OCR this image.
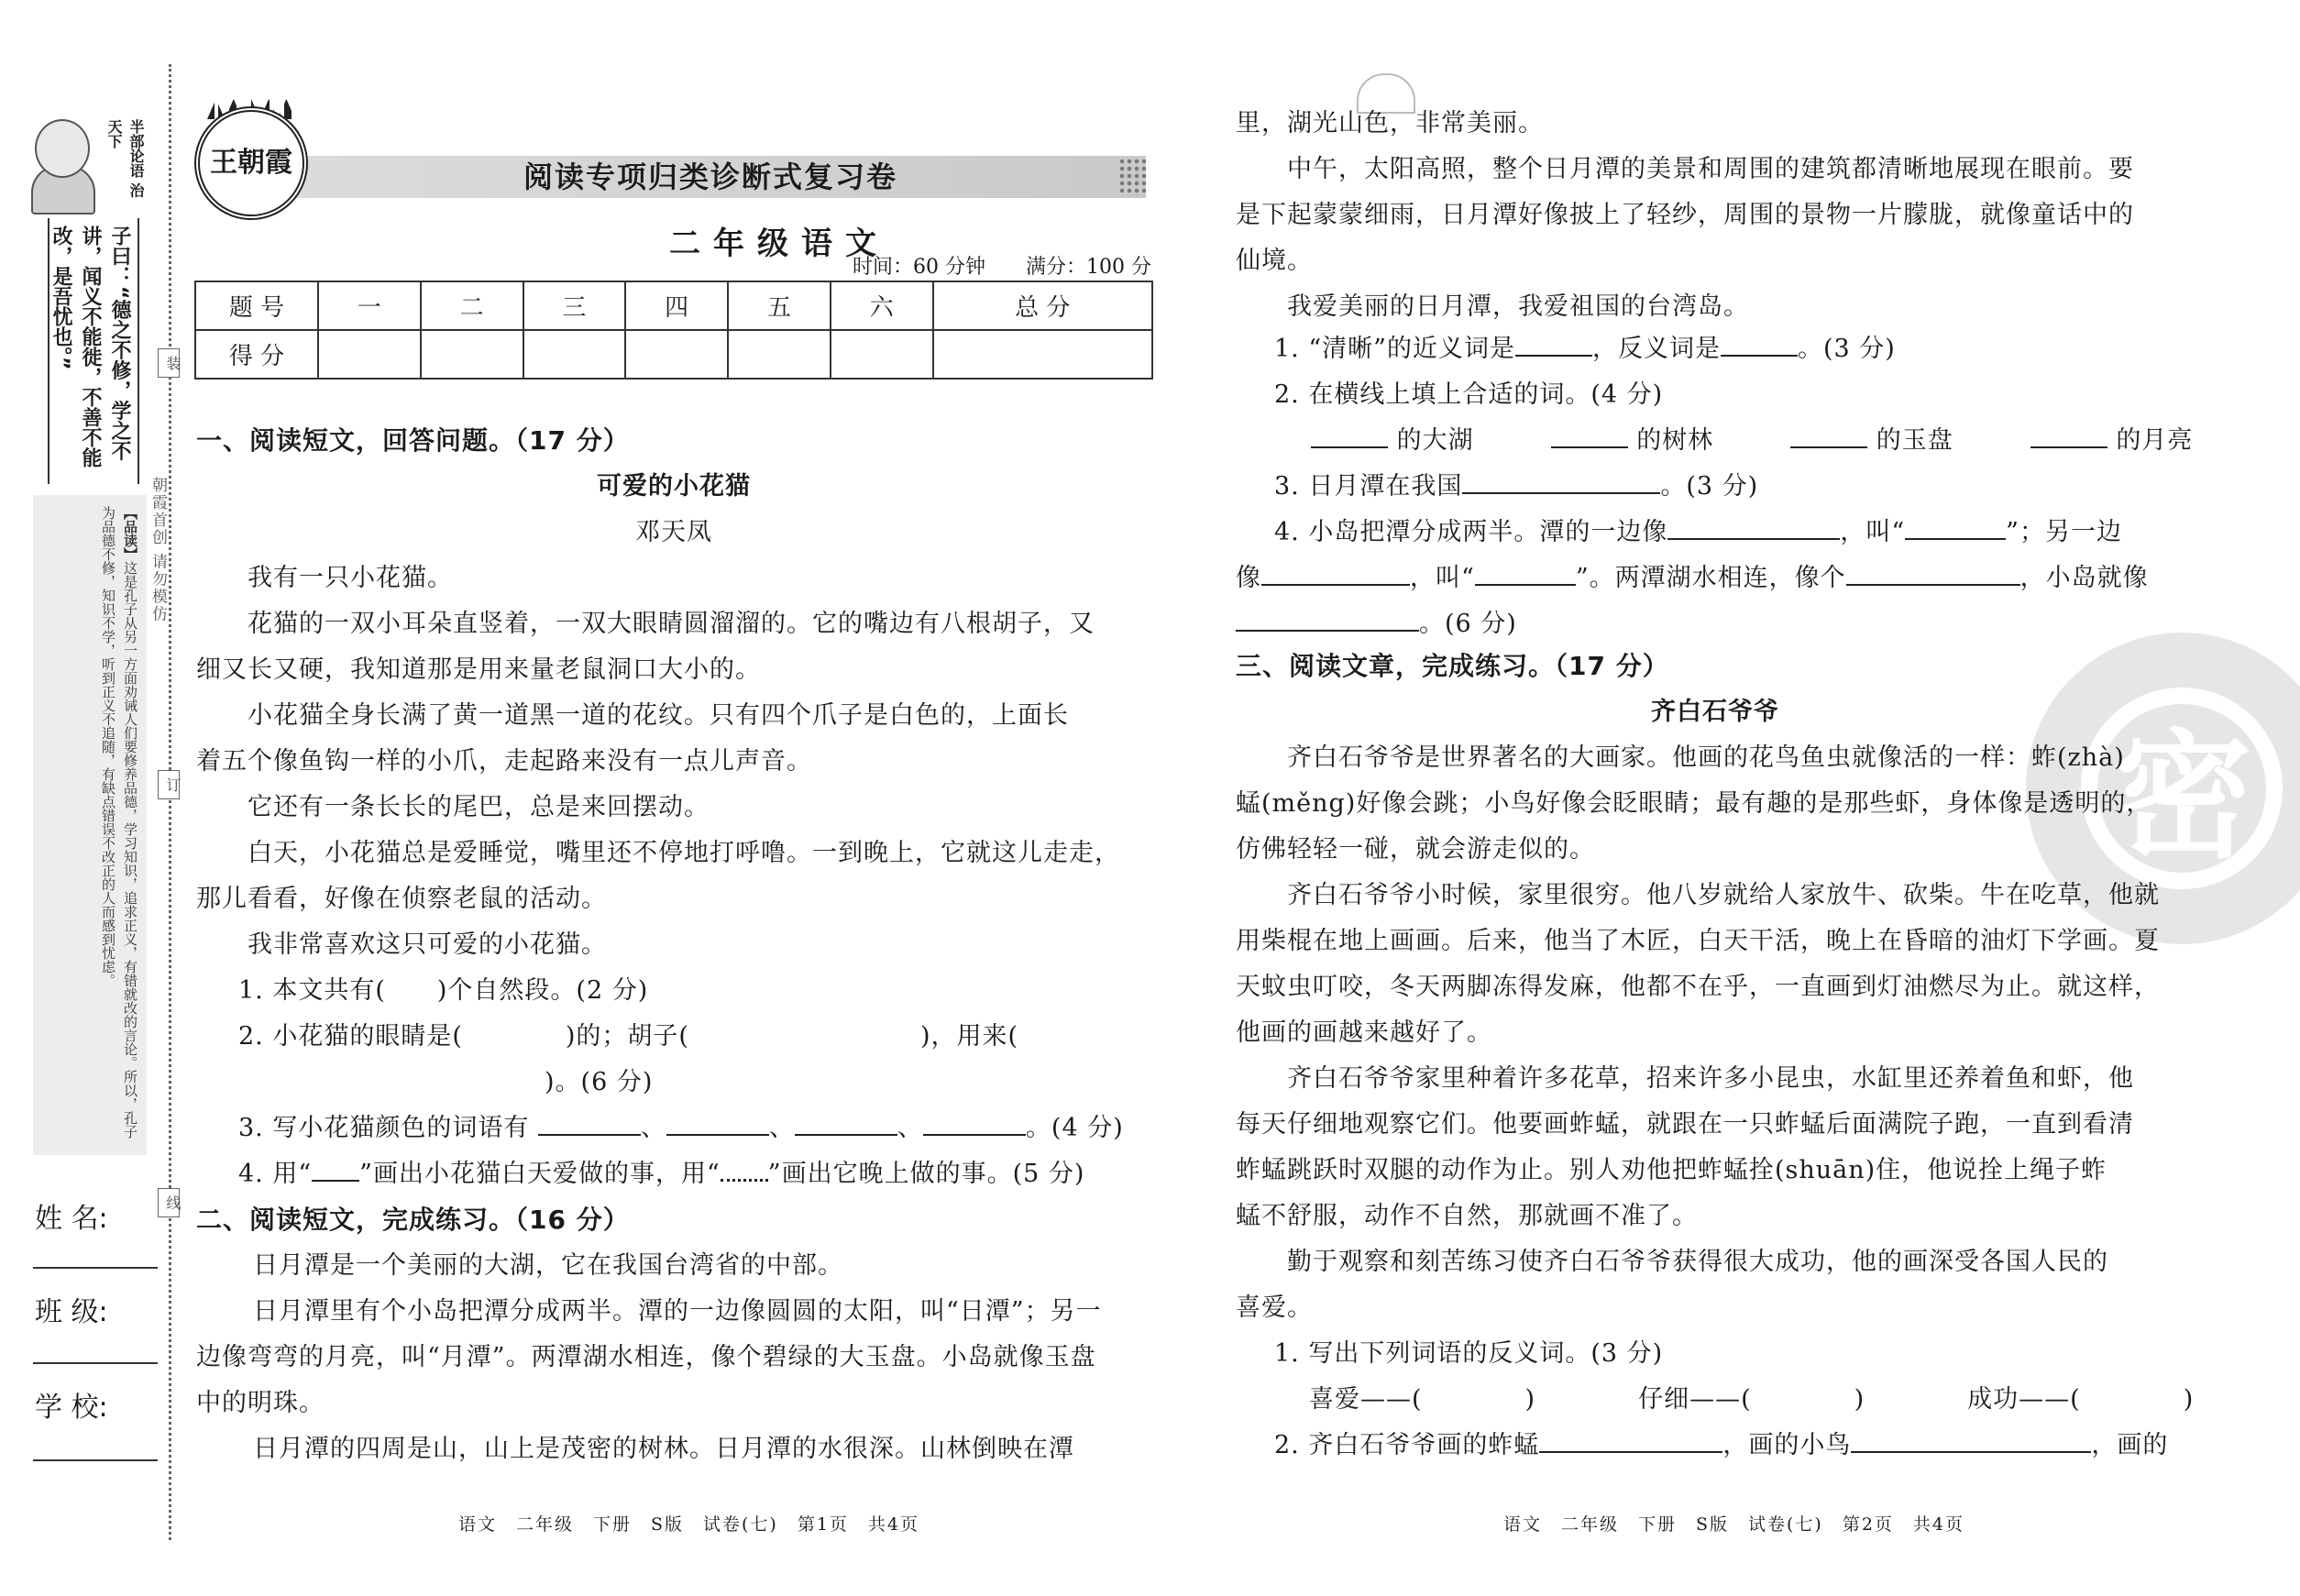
半部论语 治天下
子曰：“德之不修，学之不讲，闻义不能徙，不善不能改，是吾忧也。”
【品读】这是孔子从另一方面劝诫人们要修养品德，学习知识，追求正义，有错就改的言论。所以，孔子为品德不修，知识不学，听到正义不追随，有缺点错误不改正的人而感到忧虑。
姓 名:
班 级:
学 校:
装
订
线
朝霞首创 请勿模仿
阅读专项归类诊断式复习卷
王朝霞
二年级语文
时间：60 分钟　　 满分：100 分
题 号	一	二	三	四	五	六	总 分
得 分							
一、阅读短文，回答问题。（17 分）
可爱的小花猫
邓天凤
我有一只小花猫。
花猫的一双小耳朵直竖着，一双大眼睛圆溜溜的。它的嘴边有八根胡子，又
细又长又硬，我知道那是用来量老鼠洞口大小的。
小花猫全身长满了黄一道黑一道的花纹。只有四个爪子是白色的，上面长
着五个像鱼钩一样的小爪，走起路来没有一点儿声音。
它还有一条长长的尾巴，总是来回摆动。
白天，小花猫总是爱睡觉，嘴里还不停地打呼噜。一到晚上，它就这儿走走，
那儿看看，好像在侦察老鼠的活动。
我非常喜欢这只可爱的小花猫。
1. 本文共有(　　)个自然段。(2 分)
2. 小花猫的眼睛是(　　　　)的；胡子(　　　　　　　　　)，用来(
)。(6 分)
3. 写小花猫颜色的词语有	、	、	、	。(4 分)
4. 用“ ”画出小花猫白天爱做的事，用“ ”画出它晚上做的事。(5 分)
二、阅读短文，完成练习。（16 分）
日月潭是一个美丽的大湖，它在我国台湾省的中部。
日月潭里有个小岛把潭分成两半。潭的一边像圆圆的太阳，叫“日潭”；另一
边像弯弯的月亮，叫“月潭”。两潭湖水相连，像个碧绿的大玉盘。小岛就像玉盘
中的明珠。
日月潭的四周是山，山上是茂密的树林。日月潭的水很深。山林倒映在潭
语文　二年级　下册　S版　试卷(七)　第1页　共4页
密
里，湖光山色，非常美丽。
中午，太阳高照，整个日月潭的美景和周围的建筑都清晰地展现在眼前。要
是下起蒙蒙细雨，日月潭好像披上了轻纱，周围的景物一片朦胧，就像童话中的
仙境。
我爱美丽的日月潭，我爱祖国的台湾岛。
1. “清晰”的近义词是	，反义词是	。(3 分)
2. 在横线上填上合适的词。(4 分)
的大湖　　　	的树林　　　	的玉盘　　　	的月亮
3. 日月潭在我国	。(3 分)
4. 小岛把潭分成两半。潭的一边像	，叫“	”；另一边
像	，叫“	”。两潭湖水相连，像个	，小岛就像
。(6 分)
三、阅读文章，完成练习。（17 分）
齐白石爷爷
齐白石爷爷是世界著名的大画家。他画的花鸟鱼虫就像活的一样：蚱(zhà)
蜢(měng)好像会跳；小鸟好像会眨眼睛；最有趣的是那些虾，身体像是透明的，
仿佛轻轻一碰，就会游走似的。
齐白石爷爷小时候，家里很穷。他八岁就给人家放牛、砍柴。牛在吃草，他就
用柴棍在地上画画。后来，他当了木匠，白天干活，晚上在昏暗的油灯下学画。夏
天蚊虫叮咬，冬天两脚冻得发麻，他都不在乎，一直画到灯油燃尽为止。就这样，
他画的画越来越好了。
齐白石爷爷家里种着许多花草，招来许多小昆虫，水缸里还养着鱼和虾，他
每天仔细地观察它们。他要画蚱蜢，就跟在一只蚱蜢后面满院子跑，一直到看清
蚱蜢跳跃时双腿的动作为止。别人劝他把蚱蜢拴(shuān)住，他说拴上绳子蚱
蜢不舒服，动作不自然，那就画不准了。
勤于观察和刻苦练习使齐白石爷爷获得很大成功，他的画深受各国人民的
喜爱。
1. 写出下列词语的反义词。(3 分)
喜爱——(　　　　)　　　　	仔细——(　　　　)　　　　	成功——(　　　　)
2. 齐白石爷爷画的蚱蜢	，画的小鸟	，画的
语文　二年级　下册　S版　试卷(七)　第2页　共4页
